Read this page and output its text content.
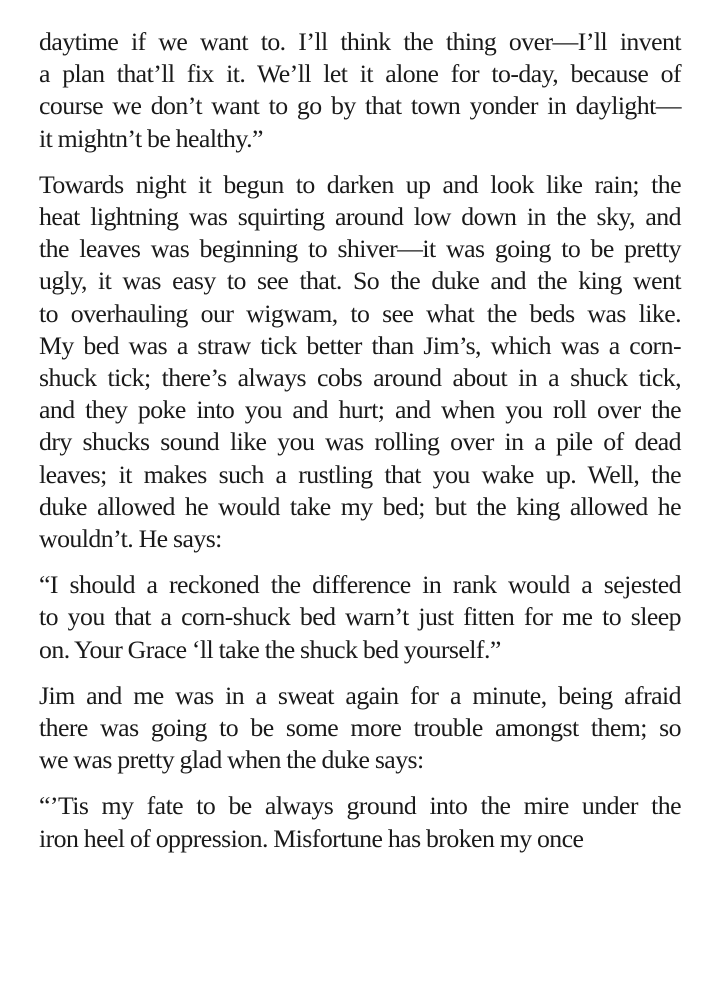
daytime if we want to. I’ll think the thing over—I’ll invent
a plan that’ll fix it. We’ll let it alone for to-day, because of
course we don’t want to go by that town yonder in daylight—
it mightn’t be healthy.”

Towards night it begun to darken up and look like rain; the
heat lightning was squirting around low down in the sky, and
the leaves was beginning to shiver—it was going to be pretty
ugly, it was easy to see that. So the duke and the king went
to overhauling our wigwam, to see what the beds was like.
My bed was a straw tick better than Jim’s, which was a corn-
shuck tick; there’s always cobs around about in a shuck tick,
and they poke into you and hurt; and when you roll over the
dry shucks sound like you was rolling over in a pile of dead
leaves; it makes such a rustling that you wake up. Well, the
duke allowed he would take my bed; but the king allowed he
wouldn’t. He says:

“I should a reckoned the difference in rank would a sejested
to you that a corn-shuck bed warn’t just fitten for me to sleep
on. Your Grace ‘ll take the shuck bed yourself.”

Jim and me was in a sweat again for a minute, being afraid
there was going to be some more trouble amongst them; so
we was pretty glad when the duke says:

“’Tis my fate to be always ground into the mire under the
iron heel of oppression. Misfortune has broken my once
